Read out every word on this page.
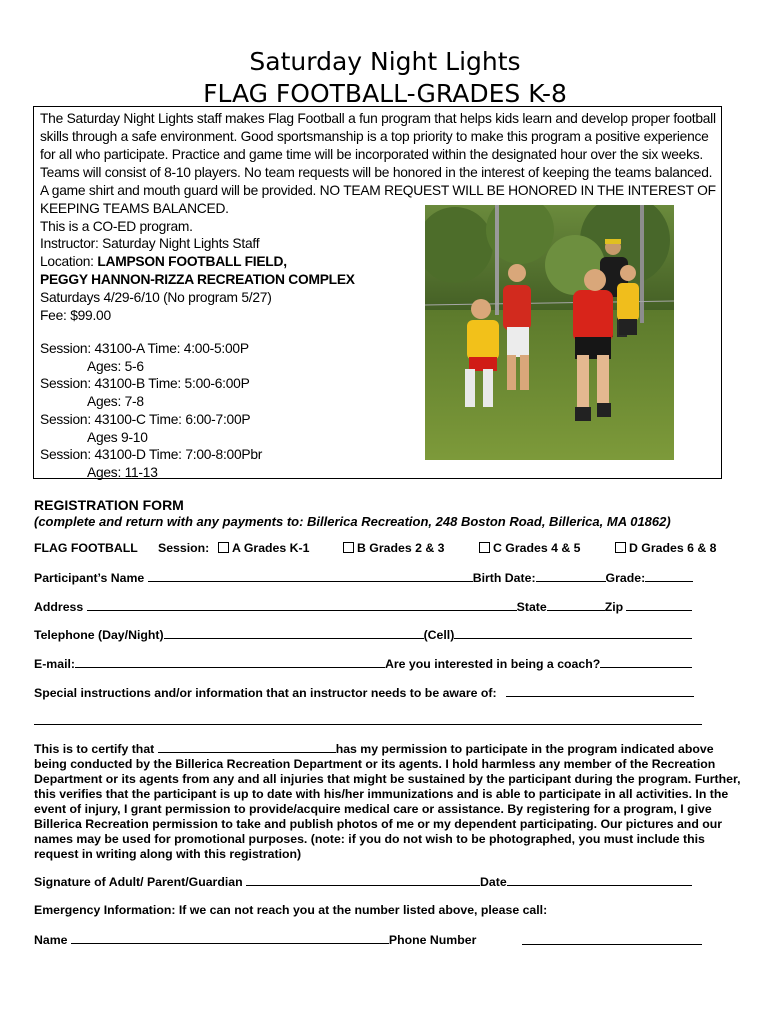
Saturday Night Lights
FLAG FOOTBALL-GRADES K-8

The Saturday Night Lights staff makes Flag Football a fun program that helps kids learn and develop proper football skills through a safe environment. Good sportsmanship is a top priority to make this program a positive experience for all who participate. Practice and game time will be incorporated within the designated hour over the six weeks. Teams will consist of 8-10 players. No team requests will be honored in the interest of keeping the teams balanced. A game shirt and mouth guard will be provided. NO TEAM REQUEST WILL BE HONORED IN THE INTEREST OF KEEPING TEAMS BALANCED.

This is a CO-ED program.

Instructor: Saturday Night Lights Staff
Location: LAMPSON FOOTBALL FIELD,
PEGGY HANNON-RIZZA RECREATION COMPLEX
Saturdays 4/29-6/10 (No program 5/27)
Fee: $99.00
Session: 43100-A Time: 4:00-5:00P
Ages: 5-6
Session: 43100-B Time: 5:00-6:00P
Ages: 7-8
Session: 43100-C Time: 6:00-7:00P
Ages 9-10
Session: 43100-D Time: 7:00-8:00Pbr
Ages: 11-13
REGISTRATION FORM
(complete and return with any payments to: Billerica Recreation, 248 Boston Road, Billerica, MA 01862)
FLAG FOOTBALL Session:	A Grades K-1	B Grades 2 & 3	C Grades 4 & 5	D Grades 6 & 8
Participant’s Name	Birth Date:	Grade:
Address	State	Zip
Telephone (Day/Night)	(Cell)
E-mail:	Are you interested in being a coach?
Special instructions and/or information that an instructor needs to be aware of:

This is to certify that	has my permission to participate in the program indicated above

being conducted by the Billerica Recreation Department or its agents. I hold harmless any member of the Recreation Department or its agents from any and all injuries that might be sustained by the participant during the program. Further, this verifies that the participant is up to date with his/her immunizations and is able to participate in all activities. In the event of injury, I grant permission to provide/acquire medical care or assistance. By registering for a program, I give Billerica Recreation permission to take and publish photos of me or my dependent participating. Our pictures and our names may be used for promotional purposes. (note: if you do not wish to be photographed, you must include this request in writing along with this registration)

Signature of Adult/ Parent/Guardian	Date
Emergency Information: If we can not reach you at the number listed above, please call:
Name	Phone Number
